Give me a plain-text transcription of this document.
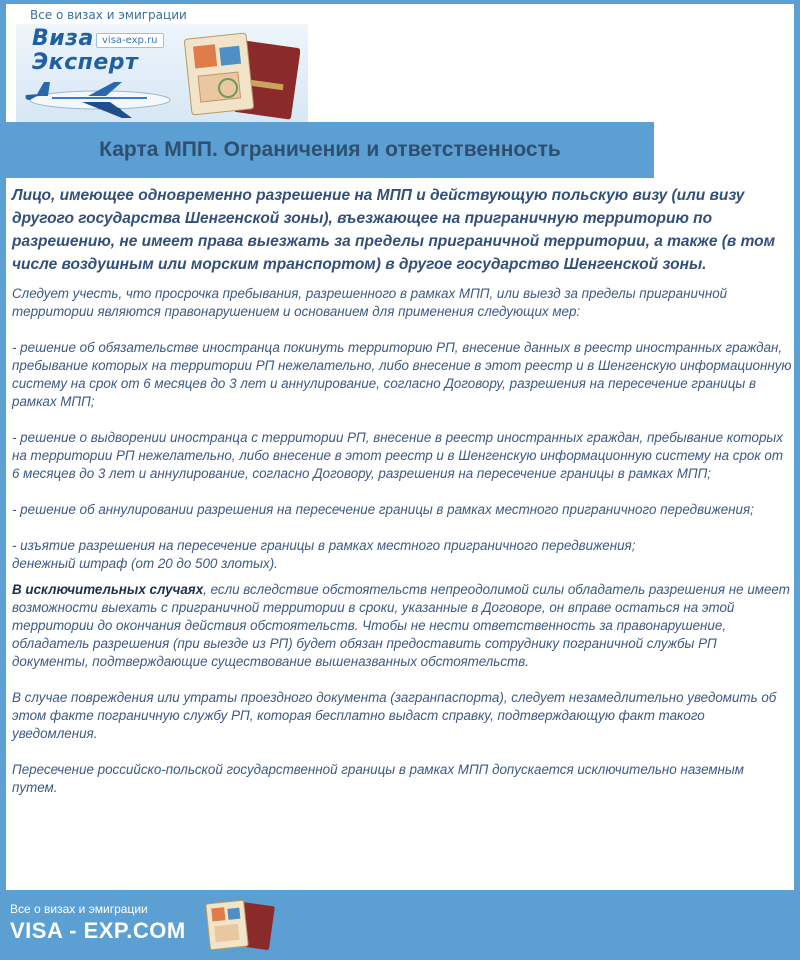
Все о визах и эмиграции
Виза
Эксперт
visa-exp.ru
Карта МПП. Ограничения и ответственность

Лицо, имеющее одновременно разрешение на МПП и действующую польскую визу (или визу другого государства Шенгенской зоны), въезжающее на приграничную территорию по разрешению, не имеет права выезжать за пределы приграничной территории, а также (в том числе воздушным или морским транспортом) в другое государство Шенгенской зоны.

Следует учесть, что просрочка пребывания, разрешенного в рамках МПП, или выезд за пределы приграничной территории являются правонарушением и основанием для применения следующих мер:

- решение об обязательстве иностранца покинуть территорию РП, внесение данных в реестр иностранных граждан, пребывание которых на территории РП нежелательно, либо внесение в этот реестр и в Шенгенскую информационную систему на срок от 6 месяцев до 3 лет и аннулирование, согласно Договору, разрешения на пересечение границы в рамках МПП;

- решение о выдворении иностранца с территории РП, внесение в реестр иностранных граждан, пребывание которых на территории РП нежелательно, либо внесение в этот реестр и в Шенгенскую информационную систему на срок от 6 месяцев до 3 лет и аннулирование, согласно Договору, разрешения на пересечение границы в рамках МПП;

- решение об аннулировании разрешения на пересечение границы в рамках местного приграничного передвижения;

- изъятие разрешения на пересечение границы в рамках местного приграничного передвижения;

денежный штраф (от 20 до 500 злотых).

В исключительных случаях, если вследствие обстоятельств непреодолимой силы обладатель разрешения не имеет возможности выехать с приграничной территории в сроки, указанные в Договоре, он вправе остаться на этой территории до окончания действия обстоятельств. Чтобы не нести ответственность за правонарушение, обладатель разрешения (при выезде из РП) будет обязан предоставить сотруднику пограничной службы РП документы, подтверждающие существование вышеназванных обстоятельств.

В случае повреждения или утраты проездного документа (загранпаспорта), следует незамедлительно уведомить об этом факте пограничную службу РП, которая бесплатно выдаст справку, подтверждающую факт такого уведомления.

Пересечение российско-польской государственной границы в рамках МПП допускается исключительно наземным путем.

Все о визах и эмиграции
VISA - EXP.COM
